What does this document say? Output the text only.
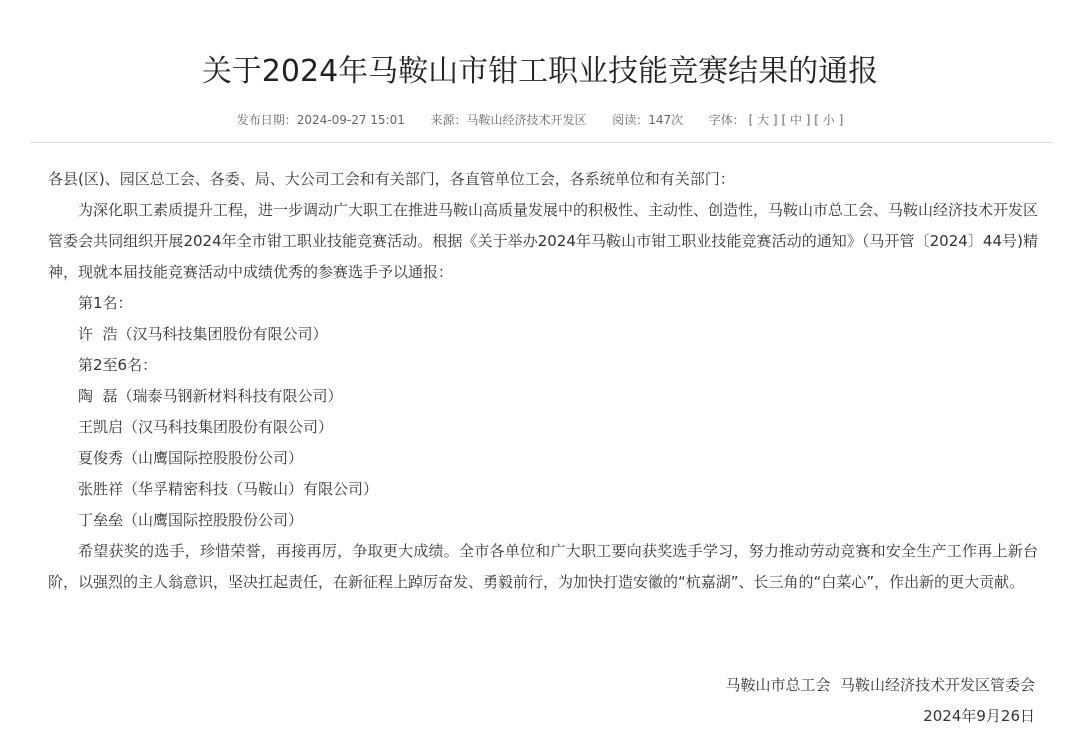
关于2024年马鞍山市钳工职业技能竞赛结果的通报
发布日期：2024-09-27 15:01 来源：马鞍山经济技术开发区 阅读：147次 字体： [ 大 ] [ 中 ] [ 小 ]

各县(区)、园区总工会、各委、局、大公司工会和有关部门，各直管单位工会，各系统单位和有关部门：

为深化职工素质提升工程，进一步调动广大职工在推进马鞍山高质量发展中的积极性、主动性、创造性，马鞍山市总工会、马鞍山经济技术开发区管委会共同组织开展2024年全市钳工职业技能竞赛活动。根据《关于举办2024年马鞍山市钳工职业技能竞赛活动的通知》（马开管〔2024〕44号)精神，现就本届技能竞赛活动中成绩优秀的参赛选手予以通报：

第1名：

许  浩（汉马科技集团股份有限公司）

第2至6名：

陶  磊（瑞泰马钢新材料科技有限公司）

王凯启（汉马科技集团股份有限公司）

夏俊秀（山鹰国际控股股份公司）

张胜祥（华孚精密科技（马鞍山）有限公司）

丁垒垒（山鹰国际控股股份公司）

希望获奖的选手，珍惜荣誉，再接再厉，争取更大成绩。全市各单位和广大职工要向获奖选手学习，努力推动劳动竞赛和安全生产工作再上新台阶，以强烈的主人翁意识，坚决扛起责任，在新征程上踔厉奋发、勇毅前行，为加快打造安徽的“杭嘉湖”、长三角的“白菜心”，作出新的更大贡献。

马鞍山市总工会  马鞍山经济技术开发区管委会

2024年9月26日
